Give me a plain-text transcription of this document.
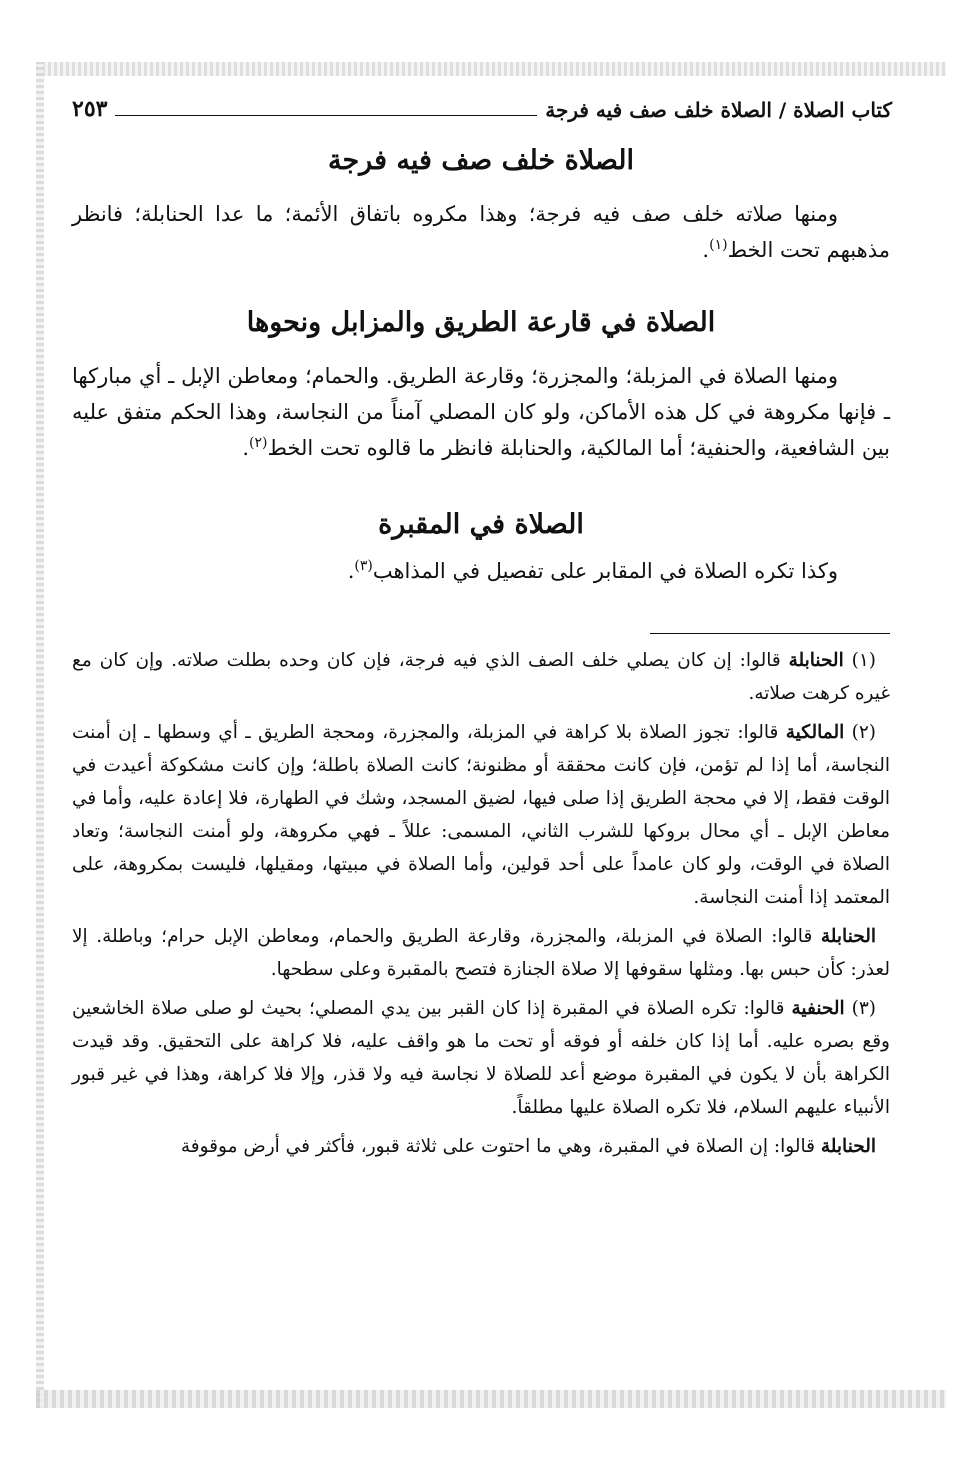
كتاب الصلاة / الصلاة خلف صف فيه فرجة
٢٥٣
الصلاة خلف صف فيه فرجة

ومنها صلاته خلف صف فيه فرجة؛ وهذا مكروه باتفاق الأئمة؛ ما عدا الحنابلة؛ فانظر مذهبهم تحت الخط$^{(١)}$.

الصلاة في قارعة الطريق والمزابل ونحوها

ومنها الصلاة في المزبلة؛ والمجزرة؛ وقارعة الطريق. والحمام؛ ومعاطن الإبل ـ أي مباركها ـ فإنها مكروهة في كل هذه الأماكن، ولو كان المصلي آمناً من النجاسة، وهذا الحكم متفق عليه بين الشافعية، والحنفية؛ أما المالكية، والحنابلة فانظر ما قالوه تحت الخط$^{(٢)}$.

الصلاة في المقبرة

وكذا تكره الصلاة في المقابر على تفصيل في المذاهب$^{(٣)}$.

(١) الحنابلة قالوا: إن كان يصلي خلف الصف الذي فيه فرجة، فإن كان وحده بطلت صلاته. وإن كان مع غيره كرهت صلاته.

(٢) المالكية قالوا: تجوز الصلاة بلا كراهة في المزبلة، والمجزرة، ومحجة الطريق ـ أي وسطها ـ إن أمنت النجاسة، أما إذا لم تؤمن، فإن كانت محققة أو مظنونة؛ كانت الصلاة باطلة؛ وإن كانت مشكوكة أعيدت في الوقت فقط، إلا في محجة الطريق إذا صلى فيها، لضيق المسجد، وشك في الطهارة، فلا إعادة عليه، وأما في معاطن الإبل ـ أي محال بروكها للشرب الثاني، المسمى: عللاً ـ فهي مكروهة، ولو أمنت النجاسة؛ وتعاد الصلاة في الوقت، ولو كان عامداً على أحد قولين، وأما الصلاة في مبيتها، ومقيلها، فليست بمكروهة، على المعتمد إذا أمنت النجاسة.

الحنابلة قالوا: الصلاة في المزبلة، والمجزرة، وقارعة الطريق والحمام، ومعاطن الإبل حرام؛ وباطلة. إلا لعذر: كأن حبس بها. ومثلها سقوفها إلا صلاة الجنازة فتصح بالمقبرة وعلى سطحها.

(٣) الحنفية قالوا: تكره الصلاة في المقبرة إذا كان القبر بين يدي المصلي؛ بحيث لو صلى صلاة الخاشعين وقع بصره عليه. أما إذا كان خلفه أو فوقه أو تحت ما هو واقف عليه، فلا كراهة على التحقيق. وقد قيدت الكراهة بأن لا يكون في المقبرة موضع أعد للصلاة لا نجاسة فيه ولا قذر، وإلا فلا كراهة، وهذا في غير قبور الأنبياء عليهم السلام، فلا تكره الصلاة عليها مطلقاً.

الحنابلة قالوا: إن الصلاة في المقبرة، وهي ما احتوت على ثلاثة قبور، فأكثر في أرض موقوفة
